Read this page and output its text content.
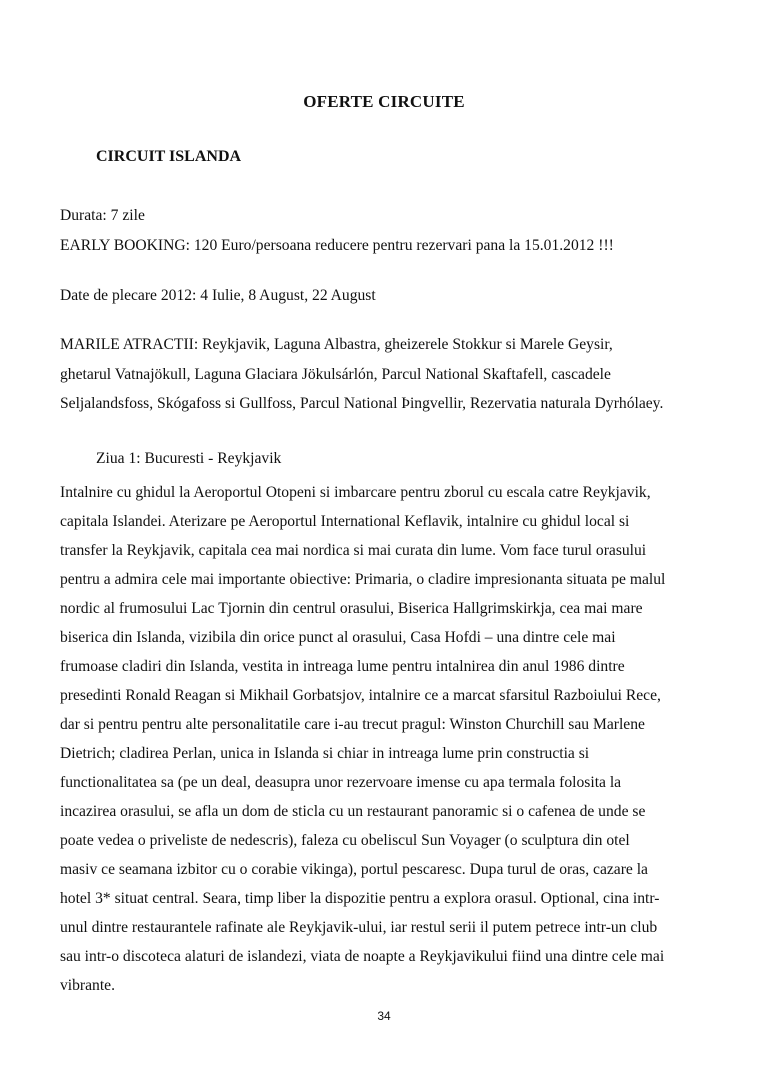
OFERTE CIRCUITE
CIRCUIT ISLANDA
Durata: 7 zile
EARLY BOOKING: 120 Euro/persoana reducere pentru rezervari pana la 15.01.2012 !!!
Date de plecare 2012: 4 Iulie, 8 August, 22 August
MARILE ATRACTII: Reykjavik, Laguna Albastra, gheizerele Stokkur si Marele Geysir,
ghetarul Vatnajökull, Laguna Glaciara Jökulsárlón, Parcul National Skaftafell, cascadele
Seljalandsfoss, Skógafoss si Gullfoss, Parcul National Þingvellir, Rezervatia naturala Dyrhólaey.
Ziua 1: Bucuresti - Reykjavik
Intalnire cu ghidul la Aeroportul Otopeni si imbarcare pentru zborul cu escala catre Reykjavik,
capitala Islandei. Aterizare pe Aeroportul International Keflavik, intalnire cu ghidul local si
transfer la Reykjavik, capitala cea mai nordica si mai curata din lume. Vom face turul orasului
pentru a admira cele mai importante obiective: Primaria, o cladire impresionanta situata pe malul
nordic al frumosului Lac Tjornin din centrul orasului, Biserica Hallgrimskirkja, cea mai mare
biserica din Islanda, vizibila din orice punct al orasului, Casa Hofdi – una dintre cele mai
frumoase cladiri din Islanda, vestita in intreaga lume pentru intalnirea din anul 1986 dintre
presedinti Ronald Reagan si Mikhail Gorbatsjov, intalnire ce a marcat sfarsitul Razboiului Rece,
dar si pentru pentru alte personalitatile care i-au trecut pragul: Winston Churchill sau Marlene
Dietrich; cladirea Perlan, unica in Islanda si chiar in intreaga lume prin constructia si
functionalitatea sa (pe un deal, deasupra unor rezervoare imense cu apa termala folosita la
incazirea orasului, se afla un dom de sticla cu un restaurant panoramic si o cafenea de unde se
poate vedea o priveliste de nedescris), faleza cu obeliscul Sun Voyager (o sculptura din otel
masiv ce seamana izbitor cu o corabie vikinga), portul pescaresc. Dupa turul de oras, cazare la
hotel 3* situat central. Seara, timp liber la dispozitie pentru a explora orasul. Optional, cina intr-
unul dintre restaurantele rafinate ale Reykjavik-ului, iar restul serii il putem petrece intr-un club
sau intr-o discoteca alaturi de islandezi, viata de noapte a Reykjavikului fiind una dintre cele mai
vibrante.
34
